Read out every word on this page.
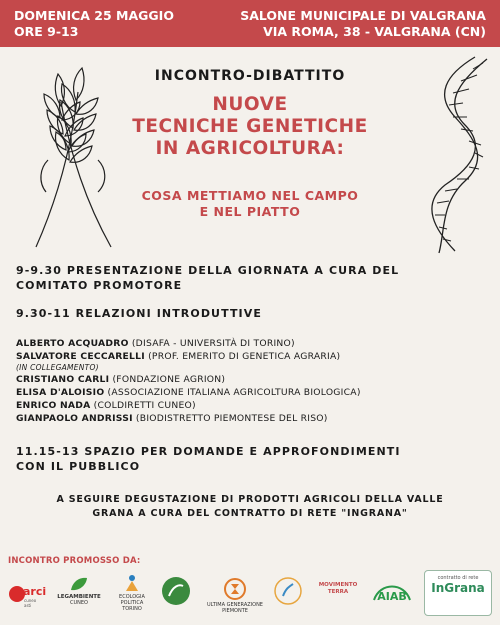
DOMENICA 25 MAGGIO
ORE 9-13
SALONE MUNICIPALE DI VALGRANA
VIA ROMA, 38 - VALGRANA (CN)
INCONTRO-DIBATTITO
NUOVE
TECNICHE GENETICHE
IN AGRICOLTURA:
COSA METTIAMO NEL CAMPO
E NEL PIATTO
9-9.30 PRESENTAZIONE DELLA GIORNATA A CURA DEL
COMITATO PROMOTORE
9.30-11 RELAZIONI INTRODUTTIVE
ALBERTO ACQUADRO (DISAFA - UNIVERSITÀ DI TORINO)
SALVATORE CECCARELLI (PROF. EMERITO DI GENETICA AGRARIA)
(IN COLLEGAMENTO)
CRISTIANO CARLI (FONDAZIONE AGRION)
ELISA D'ALOISIO (ASSOCIAZIONE ITALIANA AGRICOLTURA BIOLOGICA)
ENRICO NADA (COLDIRETTI CUNEO)
GIANPAOLO ANDRISSI (BIODISTRETTO PIEMONTESE DEL RISO)
11.15-13 SPAZIO PER DOMANDE E APPROFONDIMENTI
CON IL PUBBLICO
A SEGUIRE DEGUSTAZIONE DI PRODOTTI AGRICOLI DELLA VALLE
GRANA A CURA DEL CONTRATTO DI RETE "INGRANA"
INCONTRO PROMOSSO DA:
arci
cuneo
asti
LEGAMBIENTE
CUNEO
ECOLOGIA
POLITICA
TORINO
ULTIMA GENERAZIONE
PIEMONTE
MOVIMENTO
TERRA	AIAB
contratto di rete
InGrana
